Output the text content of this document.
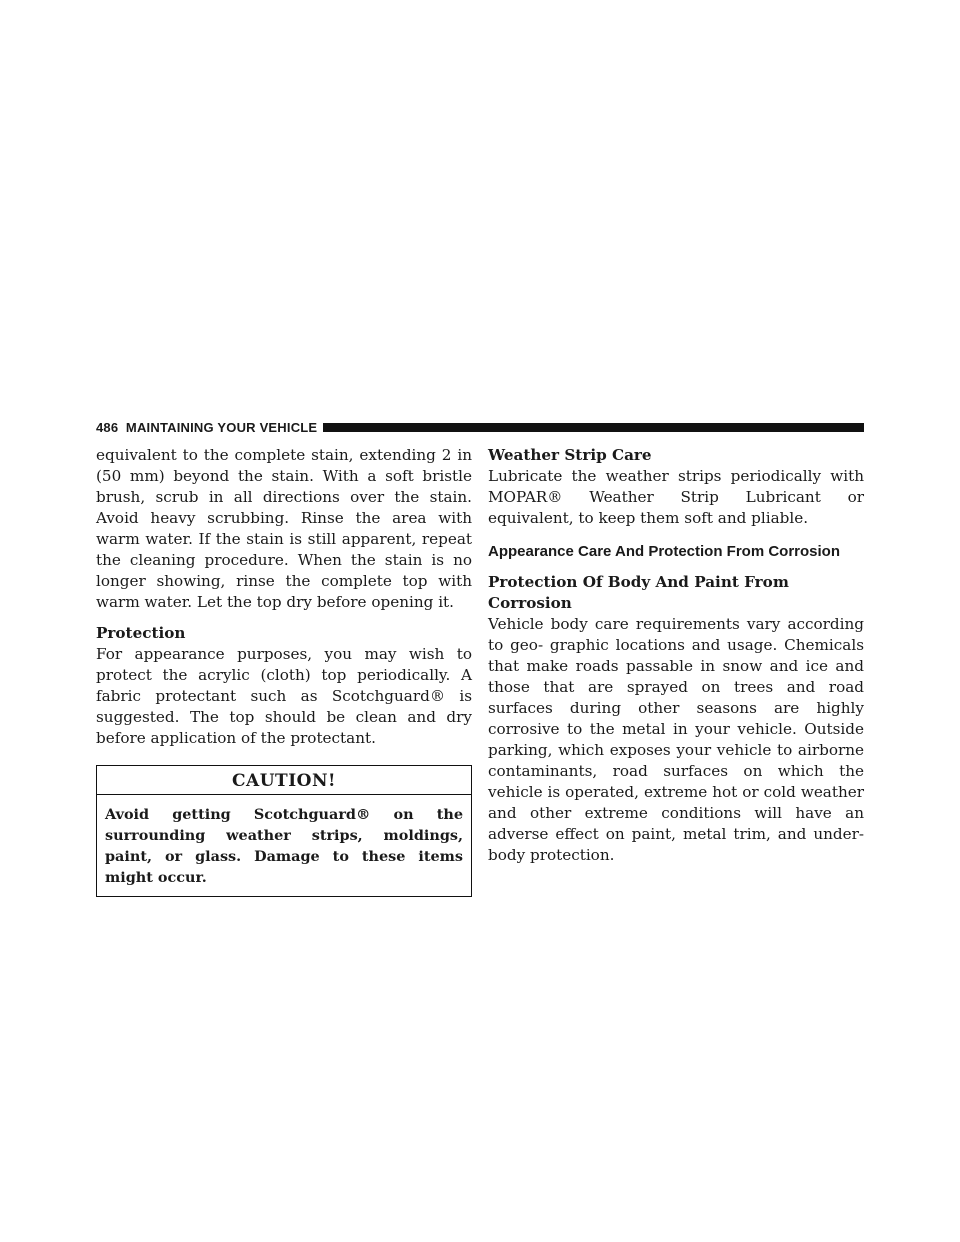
486 MAINTAINING YOUR VEHICLE

equivalent to the complete stain, extending 2 in (50 mm) beyond the stain. With a soft bristle brush, scrub in all directions over the stain. Avoid heavy scrubbing. Rinse the area with warm water. If the stain is still apparent, repeat the cleaning procedure. When the stain is no longer showing, rinse the complete top with warm water. Let the top dry before opening it.

Protection

For appearance purposes, you may wish to protect the acrylic (cloth) top periodically. A fabric protectant such as Scotchguard® is suggested. The top should be clean and dry before application of the protectant.

CAUTION!
Avoid getting Scotchguard® on the surrounding weather strips, moldings, paint, or glass. Damage to these items might occur.
Weather Strip Care

Lubricate the weather strips periodically with MOPAR® Weather Strip Lubricant or equivalent, to keep them soft and pliable.

Appearance Care And Protection From Corrosion
Protection Of Body And Paint From Corrosion

Vehicle body care requirements vary according to geo- graphic locations and usage. Chemicals that make roads passable in snow and ice and those that are sprayed on trees and road surfaces during other seasons are highly corrosive to the metal in your vehicle. Outside parking, which exposes your vehicle to airborne contaminants, road surfaces on which the vehicle is operated, extreme hot or cold weather and other extreme conditions will have an adverse effect on paint, metal trim, and under- body protection.
